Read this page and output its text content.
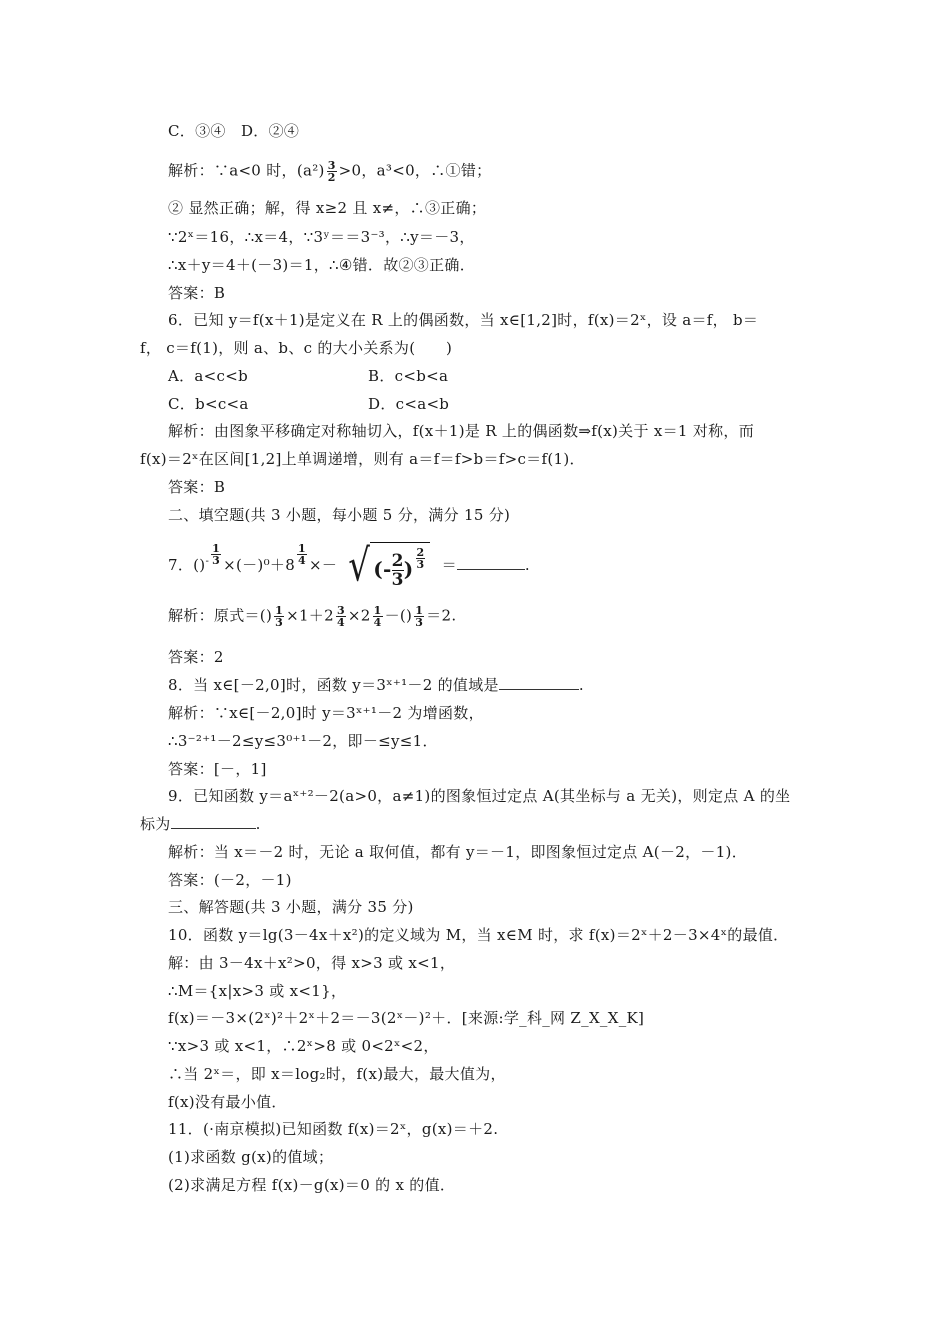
C．③④　D．②④
解析：∵a<0 时，$(a^2) \frac{3}{2} >0$，a³<0，∴①错；
② 显然正确；解，得 x≥2 且 x≠，∴③正确；
∵2ˣ＝16，∴x＝4，∵3ʸ＝＝3⁻³，∴y＝－3，
∴x＋y＝4＋(－3)＝1，∴④错．故②③正确．
答案：B
6．已知 y＝f(x＋1)是定义在 R 上的偶函数，当 x∈[1,2]时，f(x)＝2ˣ，设 a＝f， b＝
f， c＝f(1)，则 a、b、c 的大小关系为(　　)
A．a<c<b	B．c<b<a
C．b<c<a	D．c<a<b
解析：由图象平移确定对称轴切入，f(x＋1)是 R 上的偶函数⇒f(x)关于 x＝1 对称，而
f(x)＝2ˣ在区间[1,2]上单调递增，则有 a＝f＝f>b＝f>c＝f(1)．
答案：B
二、填空题(共 3 小题，每小题 5 分，满分 15 分)
7．$()^- \frac{1}{3} \times(-)^0+8 \frac{1}{4}$ ×－ √ (- $\frac{2}{3}) \frac{2}{3}$ ＝	.
解析：原式＝() $\frac{1}{3} \times 1+2 \frac{3}{4} \times 2 \frac{1}{4}$ －() $\frac{1}{3} =2$.
答案：2
8．当 x∈[－2,0]时，函数 y＝3ˣ⁺¹－2 的值域是	.
解析：∵x∈[－2,0]时 y＝3ˣ⁺¹－2 为增函数，
∴3⁻²⁺¹－2≤y≤3⁰⁺¹－2，即－≤y≤1．
答案：[－，1]
9．已知函数 y＝aˣ⁺²－2(a>0，a≠1)的图象恒过定点 A(其坐标与 a 无关)，则定点 A 的坐
标为	.
解析：当 x＝－2 时，无论 a 取何值，都有 y＝－1，即图象恒过定点 A(－2，－1)．
答案：(－2，－1)
三、解答题(共 3 小题，满分 35 分)
10．函数 y＝lg(3－4x＋x²)的定义域为 M，当 x∈M 时，求 f(x)＝2ˣ＋2－3×4ˣ的最值．
解：由 3－4x＋x²>0，得 x>3 或 x<1，
∴M＝{x|x>3 或 x<1}，
f(x)＝－3×(2ˣ)²＋2ˣ＋2＝－3(2ˣ－)²＋．[来源:学_科_网 Z_X_X_K]
∵x>3 或 x<1，∴2ˣ>8 或 0<2ˣ<2，
∴当 2ˣ＝，即 x＝log₂时，f(x)最大，最大值为，
f(x)没有最小值．
11．(·南京模拟)已知函数 f(x)＝2ˣ，g(x)＝＋2.
(1)求函数 g(x)的值域；
(2)求满足方程 f(x)－g(x)＝0 的 x 的值．
